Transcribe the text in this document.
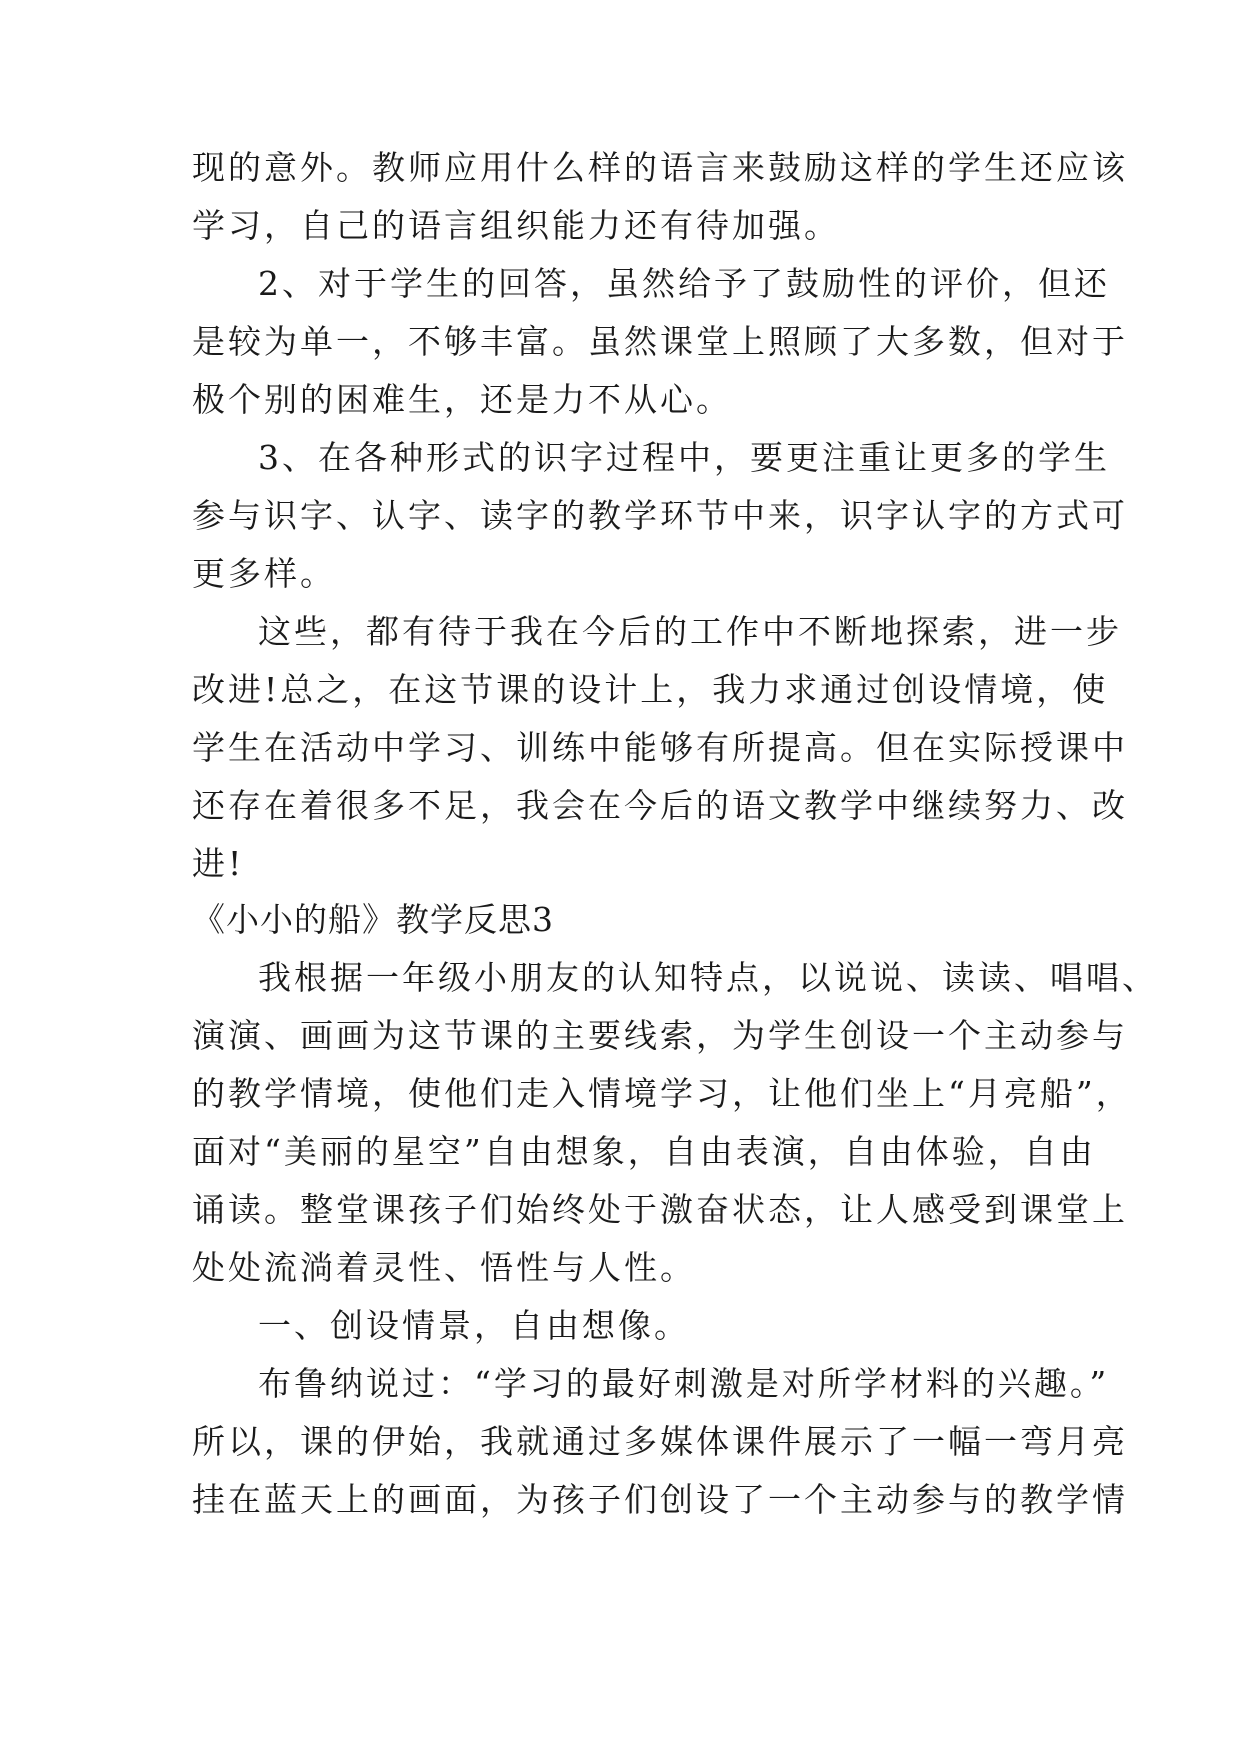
现的意外。教师应用什么样的语言来鼓励这样的学生还应该
学习，自己的语言组织能力还有待加强。
2、对于学生的回答，虽然给予了鼓励性的评价，但还
是较为单一，不够丰富。虽然课堂上照顾了大多数，但对于
极个别的困难生，还是力不从心。
3、在各种形式的识字过程中，要更注重让更多的学生
参与识字、认字、读字的教学环节中来，识字认字的方式可
更多样。
这些，都有待于我在今后的工作中不断地探索，进一步
改进!总之，在这节课的设计上，我力求通过创设情境，使
学生在活动中学习、训练中能够有所提高。但在实际授课中
还存在着很多不足，我会在今后的语文教学中继续努力、改
进!
《小小的船》教学反思3
我根据一年级小朋友的认知特点，以说说、读读、唱唱、
演演、画画为这节课的主要线索，为学生创设一个主动参与
的教学情境，使他们走入情境学习，让他们坐上“月亮船”，
面对“美丽的星空”自由想象，自由表演，自由体验，自由
诵读。整堂课孩子们始终处于激奋状态，让人感受到课堂上
处处流淌着灵性、悟性与人性。
一、创设情景，自由想像。
布鲁纳说过：“学习的最好刺激是对所学材料的兴趣。”
所以，课的伊始，我就通过多媒体课件展示了一幅一弯月亮
挂在蓝天上的画面，为孩子们创设了一个主动参与的教学情
